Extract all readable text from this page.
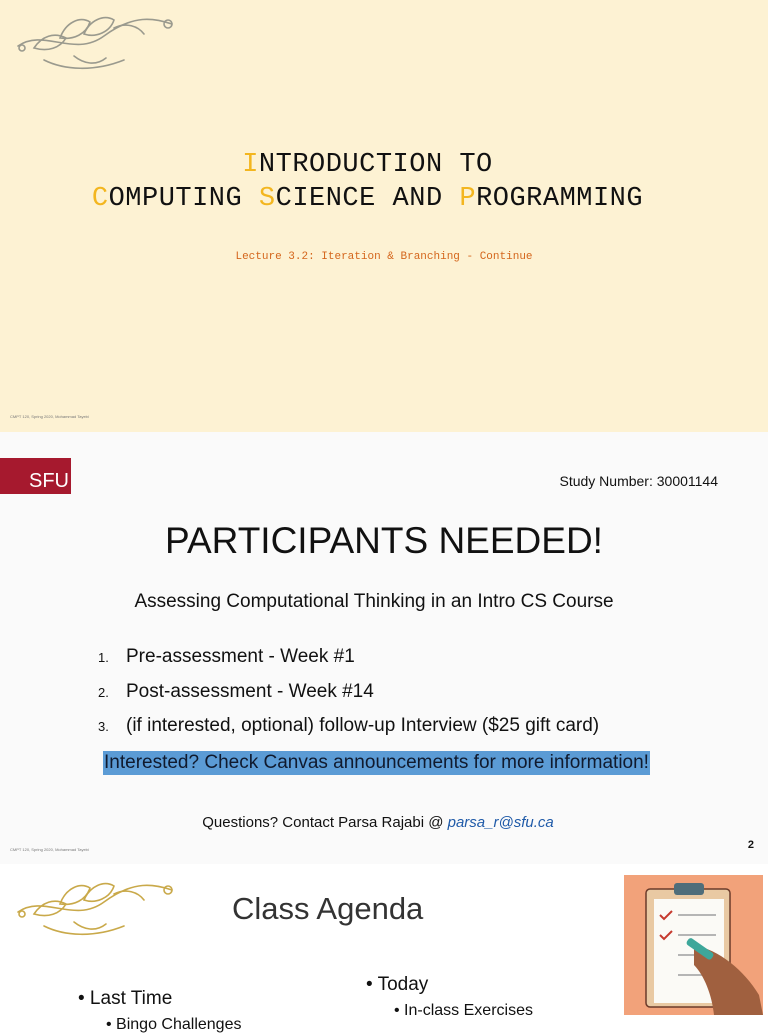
INTRODUCTION TO
COMPUTING SCIENCE AND PROGRAMMING
Lecture 3.2: Iteration & Branching - Continue
CMPT 120, Spring 2020, Mohammad Tayebi
SFU	Study Number: 30001144
PARTICIPANTS NEEDED!
Assessing Computational Thinking in an Intro CS Course
1. Pre-assessment - Week #1
2. Post-assessment - Week #14
3. (if interested, optional) follow-up Interview ($25 gift card)
Interested? Check Canvas announcements for more information!
Questions? Contact Parsa Rajabi @ parsa_r@sfu.ca
CMPT 120, Spring 2020, Mohammad Tayebi	2
Class Agenda
• Last Time
• Bingo Challenges
• Today
• In-class Exercises
